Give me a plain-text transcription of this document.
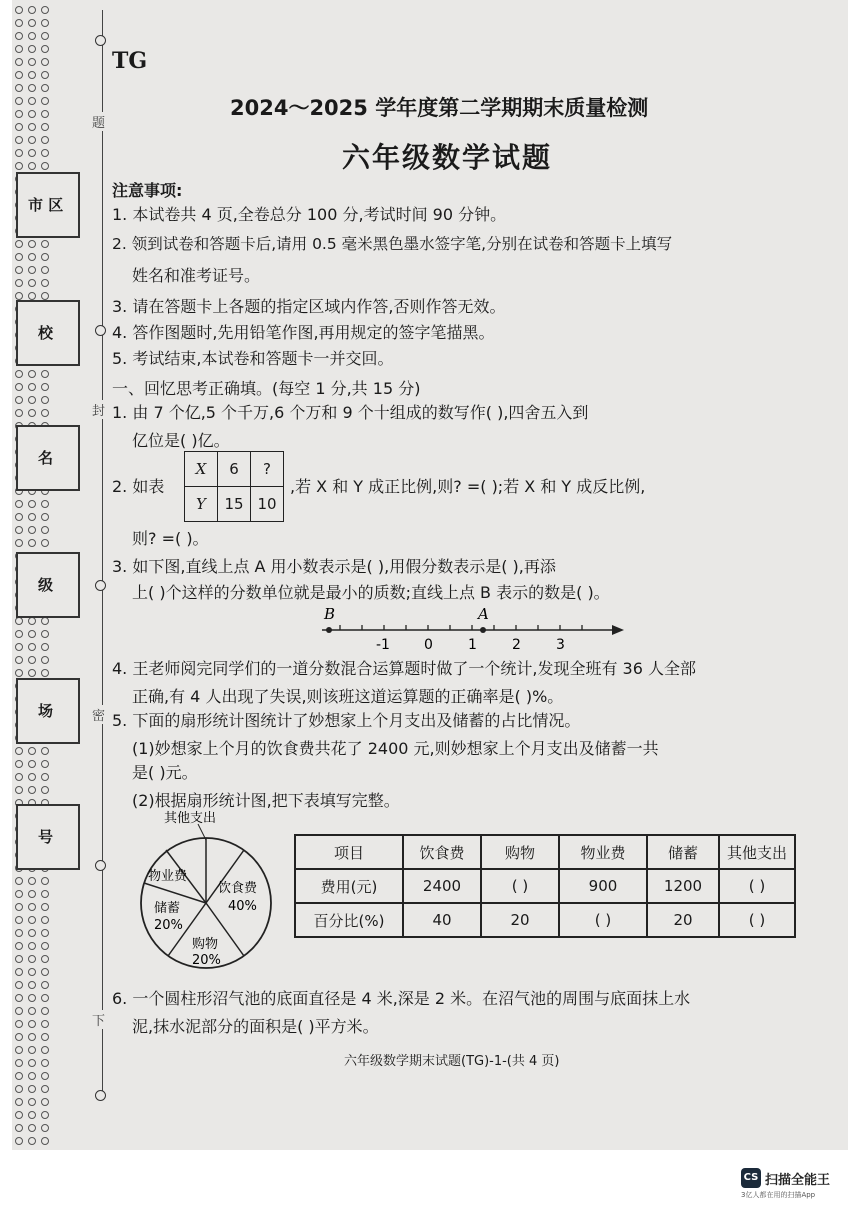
市 区
校
名
级
场
号
题
封
密
下
TG
2024～2025 学年度第二学期期末质量检测
六年级数学试题
注意事项:
1. 本试卷共 4 页,全卷总分 100 分,考试时间 90 分钟。
2. 领到试卷和答题卡后,请用 0.5 毫米黑色墨水签字笔,分别在试卷和答题卡上填写
姓名和准考证号。
3. 请在答题卡上各题的指定区域内作答,否则作答无效。
4. 答作图题时,先用铅笔作图,再用规定的签字笔描黑。
5. 考试结束,本试卷和答题卡一并交回。
一、回忆思考正确填。(每空 1 分,共 15 分)
1. 由 7 个亿,5 个千万,6 个万和 9 个十组成的数写作( ),四舍五入到
亿位是( )亿。
2. 如表
X	6	?
Y	15	10
,若 X 和 Y 成正比例,则? =( );若 X 和 Y 成反比例,
则? =( )。
3. 如下图,直线上点 A 用小数表示是( ),用假分数表示是( ),再添
上( )个这样的分数单位就是最小的质数;直线上点 B 表示的数是( )。
B	A
-1 0	1	2	3
4. 王老师阅完同学们的一道分数混合运算题时做了一个统计,发现全班有 36 人全部
正确,有 4 人出现了失误,则该班这道运算题的正确率是( )%。
5. 下面的扇形统计图统计了妙想家上个月支出及储蓄的占比情况。
(1)妙想家上个月的饮食费共花了 2400 元,则妙想家上个月支出及储蓄一共
是( )元。
(2)根据扇形统计图,把下表填写完整。
其他支出
饮食费
40%
物业费
储蓄
20%
购物
20%
项目	饮食费	购物	物业费	储蓄	其他支出
费用(元)	2400	( )	900	1200	( )
百分比(%)	40	20	( )	20	( )
6. 一个圆柱形沼气池的底面直径是 4 米,深是 2 米。在沼气池的周围与底面抹上水
泥,抹水泥部分的面积是( )平方米。
六年级数学期末试题(TG)-1-(共 4 页)
CS 扫描全能王
3亿人都在用的扫描App
